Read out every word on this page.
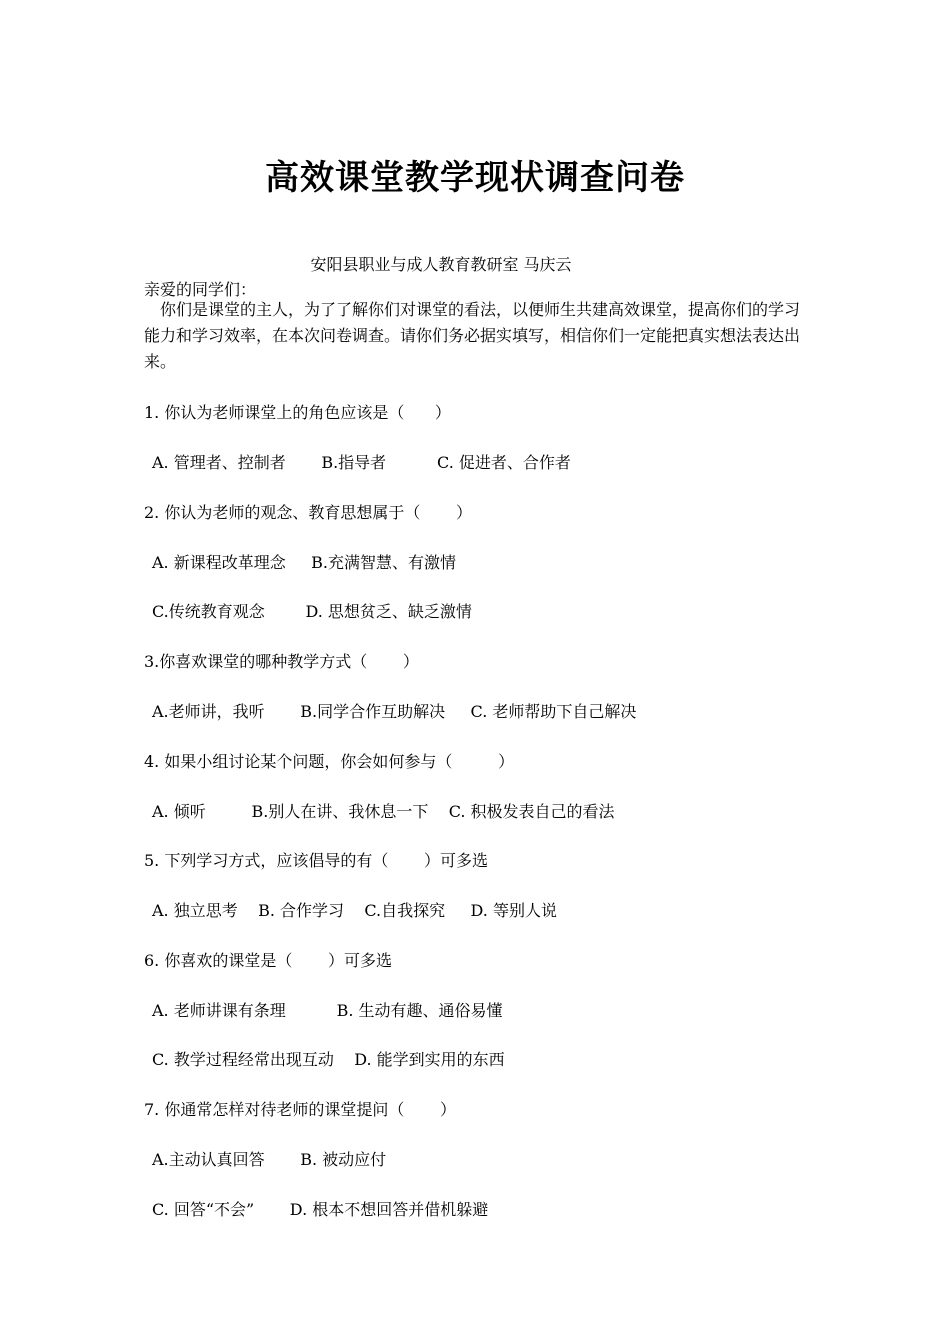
高效课堂教学现状调查问卷
安阳县职业与成人教育教研室 马庆云
亲爱的同学们：
你们是课堂的主人，为了了解你们对课堂的看法，以便师生共建高效课堂，提高你们的学习能力和学习效率，在本次问卷调查。请你们务必据实填写，相信你们一定能把真实想法表达出来。
1. 你认为老师课堂上的角色应该是（      ）
A. 管理者、控制者       B.指导者          C. 促进者、合作者
2. 你认为老师的观念、教育思想属于（       ）
A. 新课程改革理念     B.充满智慧、有激情
C.传统教育观念        D. 思想贫乏、缺乏激情
3.你喜欢课堂的哪种教学方式（       ）
A.老师讲，我听       B.同学合作互助解决     C. 老师帮助下自己解决
4. 如果小组讨论某个问题，你会如何参与（         ）
A. 倾听         B.别人在讲、我休息一下    C. 积极发表自己的看法
5. 下列学习方式，应该倡导的有（       ）可多选
A. 独立思考    B. 合作学习    C.自我探究     D. 等别人说
6. 你喜欢的课堂是（       ）可多选
A. 老师讲课有条理          B. 生动有趣、通俗易懂
C. 教学过程经常出现互动    D. 能学到实用的东西
7. 你通常怎样对待老师的课堂提问（       ）
A.主动认真回答       B. 被动应付
C. 回答“不会”       D. 根本不想回答并借机躲避
